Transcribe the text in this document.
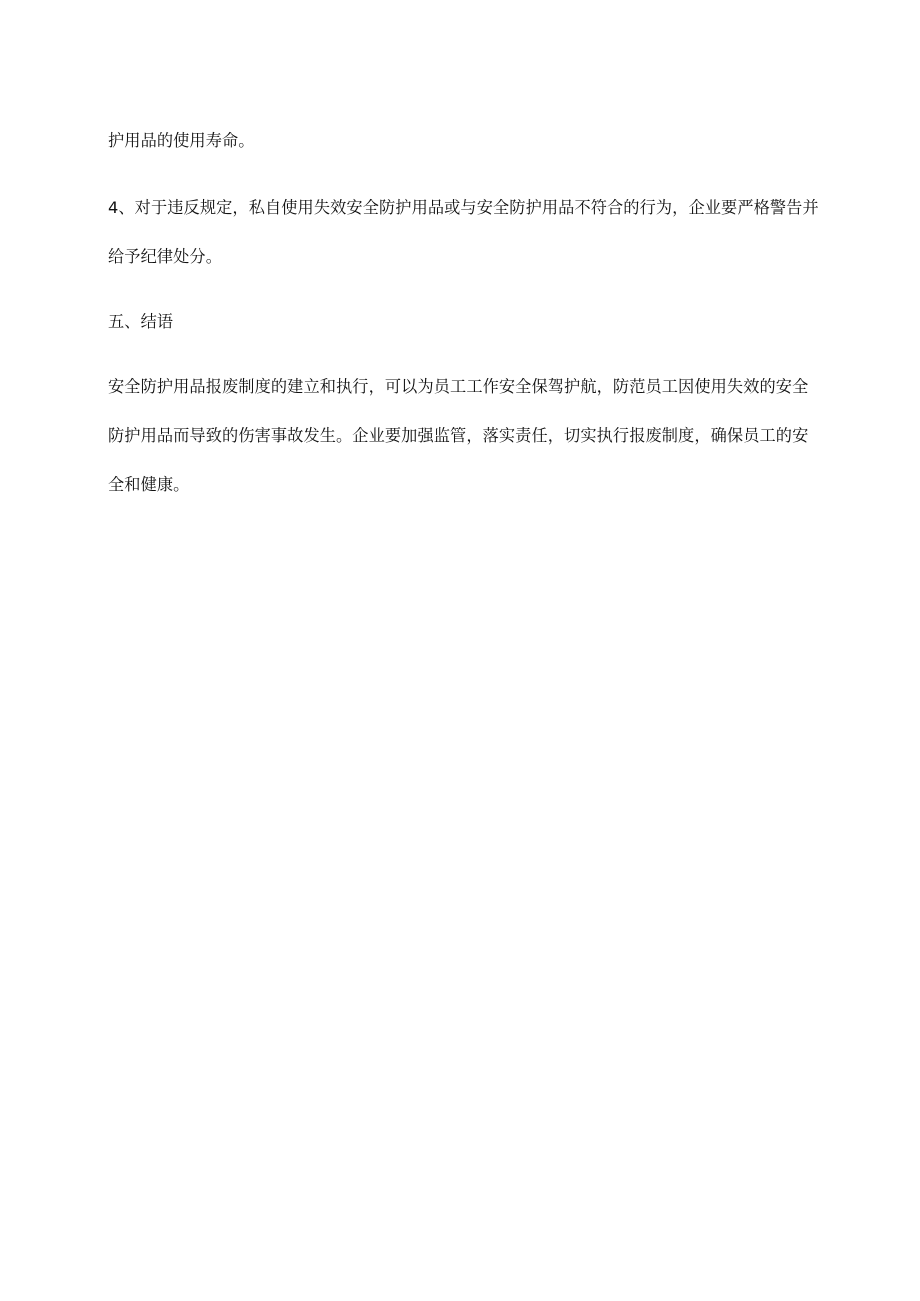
护用品的使用寿命。

4、对于违反规定，私自使用失效安全防护用品或与安全防护用品不符合的行为，企业要严格警告并给予纪律处分。

五、结语

安全防护用品报废制度的建立和执行，可以为员工工作安全保驾护航，防范员工因使用失效的安全防护用品而导致的伤害事故发生。企业要加强监管，落实责任，切实执行报废制度，确保员工的安全和健康。
